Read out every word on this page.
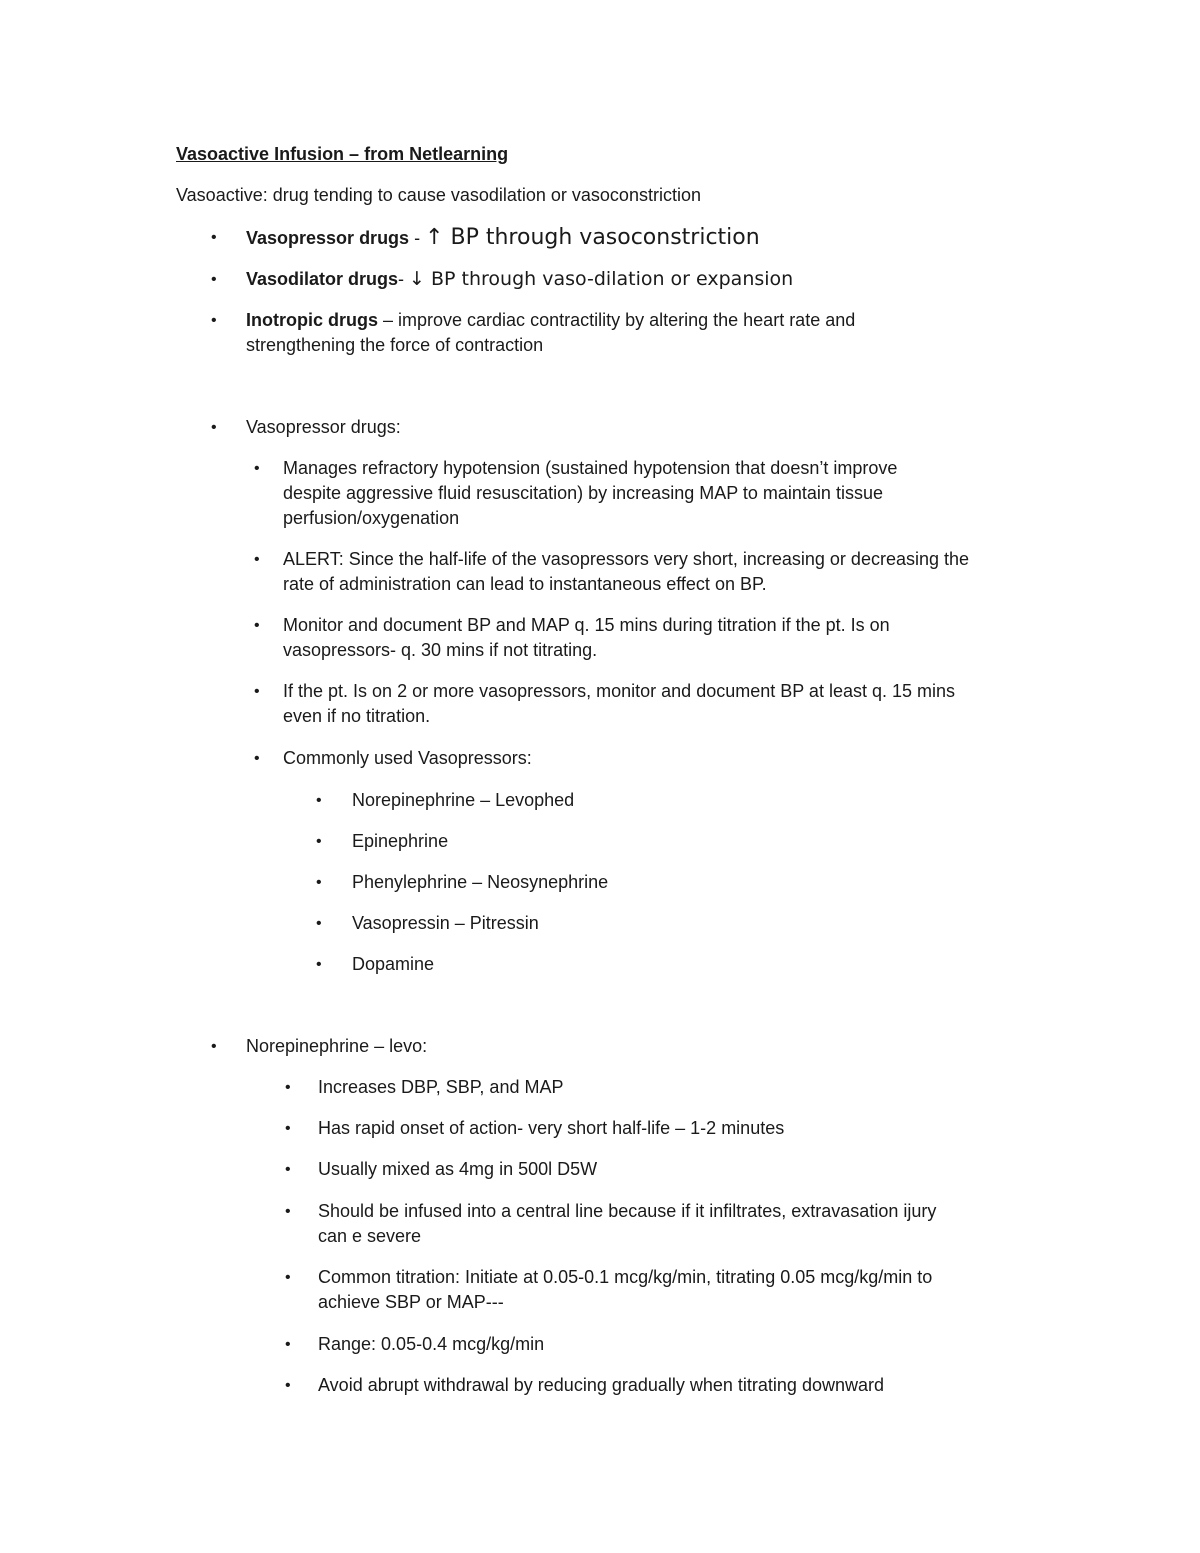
Vasoactive Infusion – from Netlearning
Vasoactive: drug tending to cause vasodilation or vasoconstriction
• Vasopressor drugs - ↑ BP through vasoconstriction
• Vasodilator drugs- ↓ BP through vaso-dilation or expansion
• Inotropic drugs – improve cardiac contractility by altering the heart rate and
strengthening the force of contraction
• Vasopressor drugs:
• Manages refractory hypotension (sustained hypotension that doesn’t improve
despite aggressive fluid resuscitation) by increasing MAP to maintain tissue
perfusion/oxygenation
• ALERT: Since the half-life of the vasopressors very short, increasing or decreasing the
rate of administration can lead to instantaneous effect on BP.
• Monitor and document BP and MAP q. 15 mins during titration if the pt. Is on
vasopressors- q. 30 mins if not titrating.
• If the pt. Is on 2 or more vasopressors, monitor and document BP at least q. 15 mins
even if no titration.
• Commonly used Vasopressors:
• Norepinephrine – Levophed
• Epinephrine
• Phenylephrine – Neosynephrine
• Vasopressin – Pitressin
• Dopamine
• Norepinephrine – levo:
• Increases DBP, SBP, and MAP
• Has rapid onset of action- very short half-life – 1-2 minutes
• Usually mixed as 4mg in 500l D5W
• Should be infused into a central line because if it infiltrates, extravasation ijury
can e severe
• Common titration: Initiate at 0.05-0.1 mcg/kg/min, titrating 0.05 mcg/kg/min to
achieve SBP or MAP---
• Range: 0.05-0.4 mcg/kg/min
• Avoid abrupt withdrawal by reducing gradually when titrating downward
